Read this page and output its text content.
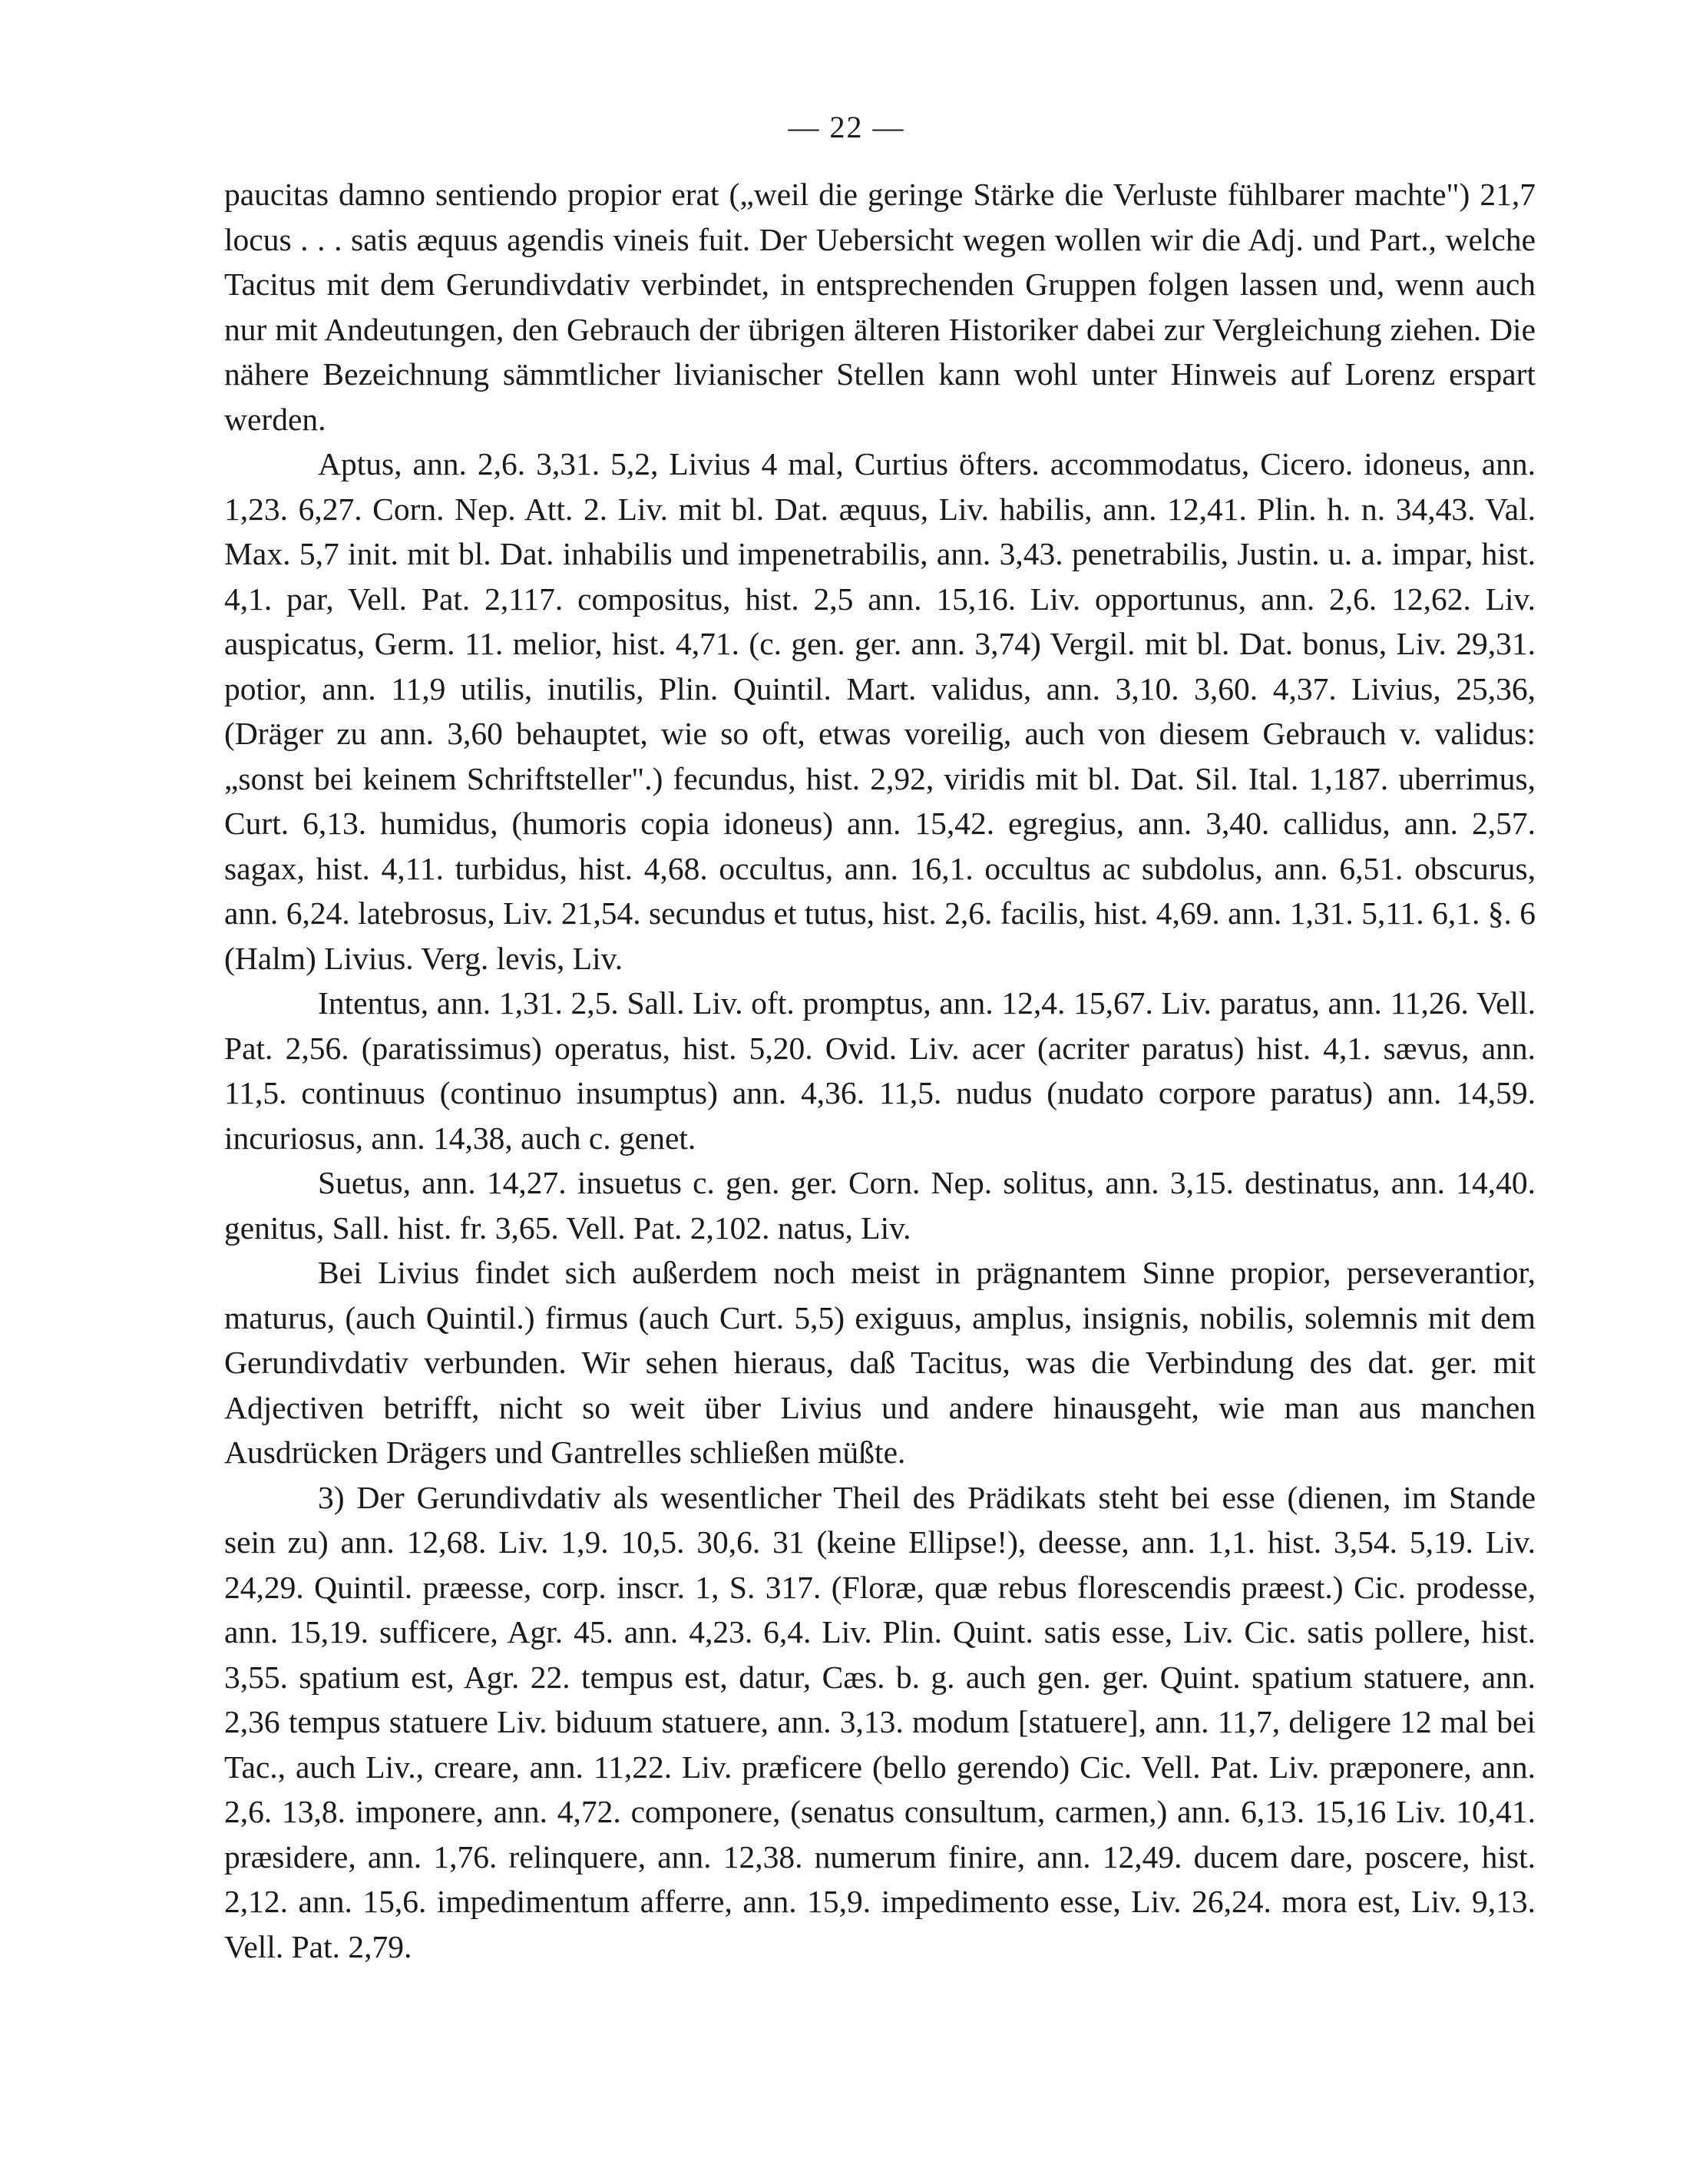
— 22 —

paucitas damno sentiendo propior erat („weil die geringe Stärke die Verluste fühlbarer machte") 21,7 locus . . . satis æquus agendis vineis fuit. Der Uebersicht wegen wollen wir die Adj. und Part., welche Tacitus mit dem Gerundivdativ verbindet, in entsprechenden Gruppen folgen lassen und, wenn auch nur mit Andeutungen, den Gebrauch der übrigen älteren Historiker dabei zur Vergleichung ziehen. Die nähere Bezeichnung sämmtlicher livianischer Stellen kann wohl unter Hinweis auf Lorenz erspart werden.

Aptus, ann. 2,6. 3,31. 5,2, Livius 4 mal, Curtius öfters. accommodatus, Cicero. idoneus, ann. 1,23. 6,27. Corn. Nep. Att. 2. Liv. mit bl. Dat. æquus, Liv. habilis, ann. 12,41. Plin. h. n. 34,43. Val. Max. 5,7 init. mit bl. Dat. inhabilis und impenetrabilis, ann. 3,43. penetrabilis, Justin. u. a. impar, hist. 4,1. par, Vell. Pat. 2,117. compositus, hist. 2,5 ann. 15,16. Liv. opportunus, ann. 2,6. 12,62. Liv. auspicatus, Germ. 11. melior, hist. 4,71. (c. gen. ger. ann. 3,74) Vergil. mit bl. Dat. bonus, Liv. 29,31. potior, ann. 11,9 utilis, inutilis, Plin. Quintil. Mart. validus, ann. 3,10. 3,60. 4,37. Livius, 25,36, (Dräger zu ann. 3,60 behauptet, wie so oft, etwas voreilig, auch von diesem Gebrauch v. validus: „sonst bei keinem Schriftsteller".) fecundus, hist. 2,92, viridis mit bl. Dat. Sil. Ital. 1,187. uberrimus, Curt. 6,13. humidus, (humoris copia idoneus) ann. 15,42. egregius, ann. 3,40. callidus, ann. 2,57. sagax, hist. 4,11. turbidus, hist. 4,68. occultus, ann. 16,1. occultus ac subdolus, ann. 6,51. obscurus, ann. 6,24. latebrosus, Liv. 21,54. secundus et tutus, hist. 2,6. facilis, hist. 4,69. ann. 1,31. 5,11. 6,1. §. 6 (Halm) Livius. Verg. levis, Liv.

Intentus, ann. 1,31. 2,5. Sall. Liv. oft. promptus, ann. 12,4. 15,67. Liv. paratus, ann. 11,26. Vell. Pat. 2,56. (paratissimus) operatus, hist. 5,20. Ovid. Liv. acer (acriter paratus) hist. 4,1. sævus, ann. 11,5. continuus (continuo insumptus) ann. 4,36. 11,5. nudus (nudato corpore paratus) ann. 14,59. incuriosus, ann. 14,38, auch c. genet.

Suetus, ann. 14,27. insuetus c. gen. ger. Corn. Nep. solitus, ann. 3,15. destinatus, ann. 14,40. genitus, Sall. hist. fr. 3,65. Vell. Pat. 2,102. natus, Liv.

Bei Livius findet sich außerdem noch meist in prägnantem Sinne propior, perseverantior, maturus, (auch Quintil.) firmus (auch Curt. 5,5) exiguus, amplus, insignis, nobilis, solemnis mit dem Gerundivdativ verbunden. Wir sehen hieraus, daß Tacitus, was die Verbindung des dat. ger. mit Adjectiven betrifft, nicht so weit über Livius und andere hinausgeht, wie man aus manchen Ausdrücken Drägers und Gantrelles schließen müßte.

3) Der Gerundivdativ als wesentlicher Theil des Prädikats steht bei esse (dienen, im Stande sein zu) ann. 12,68. Liv. 1,9. 10,5. 30,6. 31 (keine Ellipse!), deesse, ann. 1,1. hist. 3,54. 5,19. Liv. 24,29. Quintil. præesse, corp. inscr. 1, S. 317. (Floræ, quæ rebus florescendis præest.) Cic. prodesse, ann. 15,19. sufficere, Agr. 45. ann. 4,23. 6,4. Liv. Plin. Quint. satis esse, Liv. Cic. satis pollere, hist. 3,55. spatium est, Agr. 22. tempus est, datur, Cæs. b. g. auch gen. ger. Quint. spatium statuere, ann. 2,36 tempus statuere Liv. biduum statuere, ann. 3,13. modum [statuere], ann. 11,7, deligere 12 mal bei Tac., auch Liv., creare, ann. 11,22. Liv. præficere (bello gerendo) Cic. Vell. Pat. Liv. præponere, ann. 2,6. 13,8. imponere, ann. 4,72. componere, (senatus consultum, carmen,) ann. 6,13. 15,16 Liv. 10,41. præsidere, ann. 1,76. relinquere, ann. 12,38. numerum finire, ann. 12,49. ducem dare, poscere, hist. 2,12. ann. 15,6. impedimentum afferre, ann. 15,9. impedimento esse, Liv. 26,24. mora est, Liv. 9,13. Vell. Pat. 2,79.
